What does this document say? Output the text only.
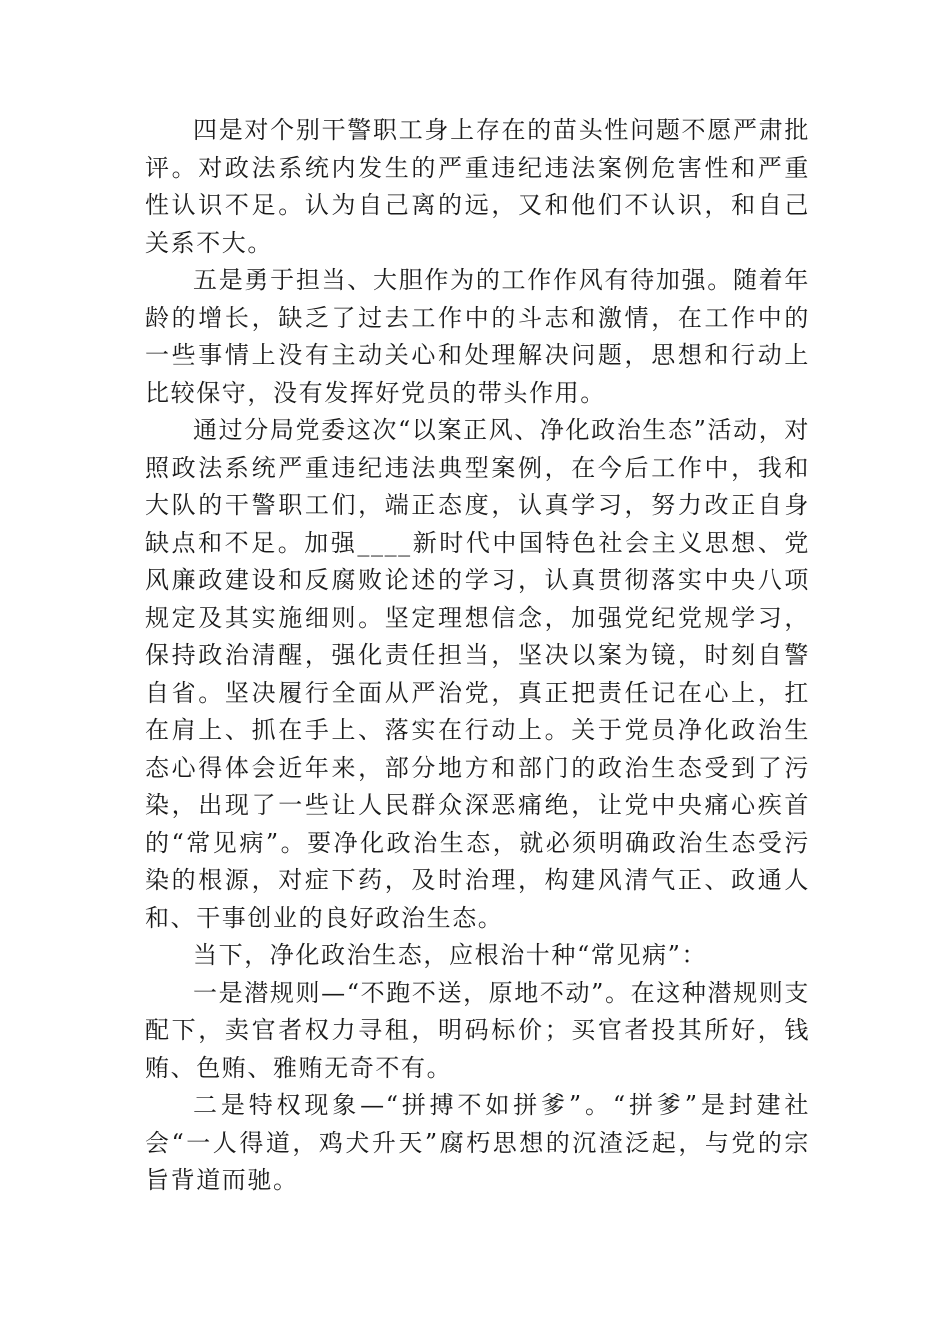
四是对个别干警职工身上存在的苗头性问题不愿严肃批评。对政法系统内发生的严重违纪违法案例危害性和严重性认识不足。认为自己离的远，又和他们不认识，和自己关系不大。

五是勇于担当、大胆作为的工作作风有待加强。随着年龄的增长，缺乏了过去工作中的斗志和激情，在工作中的一些事情上没有主动关心和处理解决问题，思想和行动上比较保守，没有发挥好党员的带头作用。

通过分局党委这次“以案正风、净化政治生态”活动，对照政法系统严重违纪违法典型案例，在今后工作中，我和大队的干警职工们，端正态度，认真学习，努力改正自身缺点和不足。加强____新时代中国特色社会主义思想、党风廉政建设和反腐败论述的学习，认真贯彻落实中央八项规定及其实施细则。坚定理想信念，加强党纪党规学习，保持政治清醒，强化责任担当，坚决以案为镜，时刻自警自省。坚决履行全面从严治党，真正把责任记在心上，扛在肩上、抓在手上、落实在行动上。关于党员净化政治生态心得体会近年来，部分地方和部门的政治生态受到了污染，出现了一些让人民群众深恶痛绝，让党中央痛心疾首的“常见病”。要净化政治生态，就必须明确政治生态受污染的根源，对症下药，及时治理，构建风清气正、政通人和、干事创业的良好政治生态。

当下，净化政治生态，应根治十种“常见病”：

一是潜规则—“不跑不送，原地不动”。在这种潜规则支配下，卖官者权力寻租，明码标价；买官者投其所好，钱贿、色贿、雅贿无奇不有。

二是特权现象—“拼搏不如拼爹”。“拼爹”是封建社会“一人得道，鸡犬升天”腐朽思想的沉渣泛起，与党的宗旨背道而驰。
